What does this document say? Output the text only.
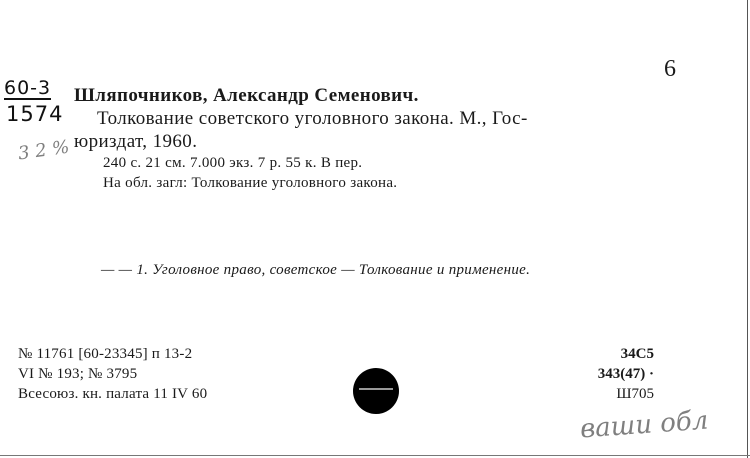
6
60-3
1574
3 2 %
Шляпочников, Александр Семенович.
Толкование советского уголовного закона. М., Гос-
юриздат, 1960.
240 с. 21 см. 7.000 экз. 7 р. 55 к. В пер.
На обл. загл: Толкование уголовного закона.
— — 1. Уголовное право, советское — Толкование и применение.
№ 11761 [60-23345] п 13-2
VI № 193; № 3795
Всесоюз. кн. палата 11 IV 60
34С5
343(47) ·
Ш705
ваши обл
